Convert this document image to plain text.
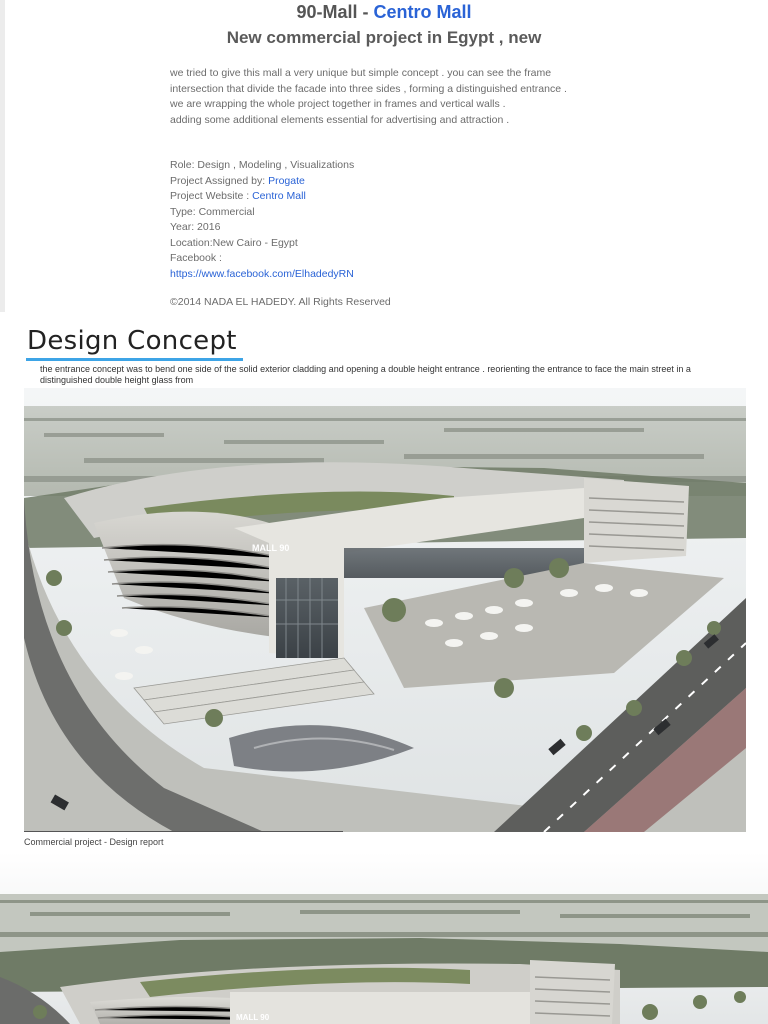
90-Mall - Centro Mall
New commercial project in Egypt , new
we tried to give this mall a very unique but simple concept . you can see the frame
intersection that divide the facade into three sides , forming a distinguished entrance .
we are wrapping the whole project together in frames and vertical walls .
adding some additional elements essential for advertising and attraction .
Role: Design , Modeling , Visualizations
Project Assigned by: Progate
Project Website : Centro Mall
Type: Commercial
Year: 2016
Location:New Cairo - Egypt
Facebook :
https://www.facebook.com/ElhadedyRN
©2014 NADA EL HADEDY. All Rights Reserved
Design Concept
the entrance concept was to bend one side of the solid exterior cladding and opening a double height entrance . reorienting the entrance to face the main street in a distinguished double height glass from
MALL 90
Commercial project - Design report
MALL 90
